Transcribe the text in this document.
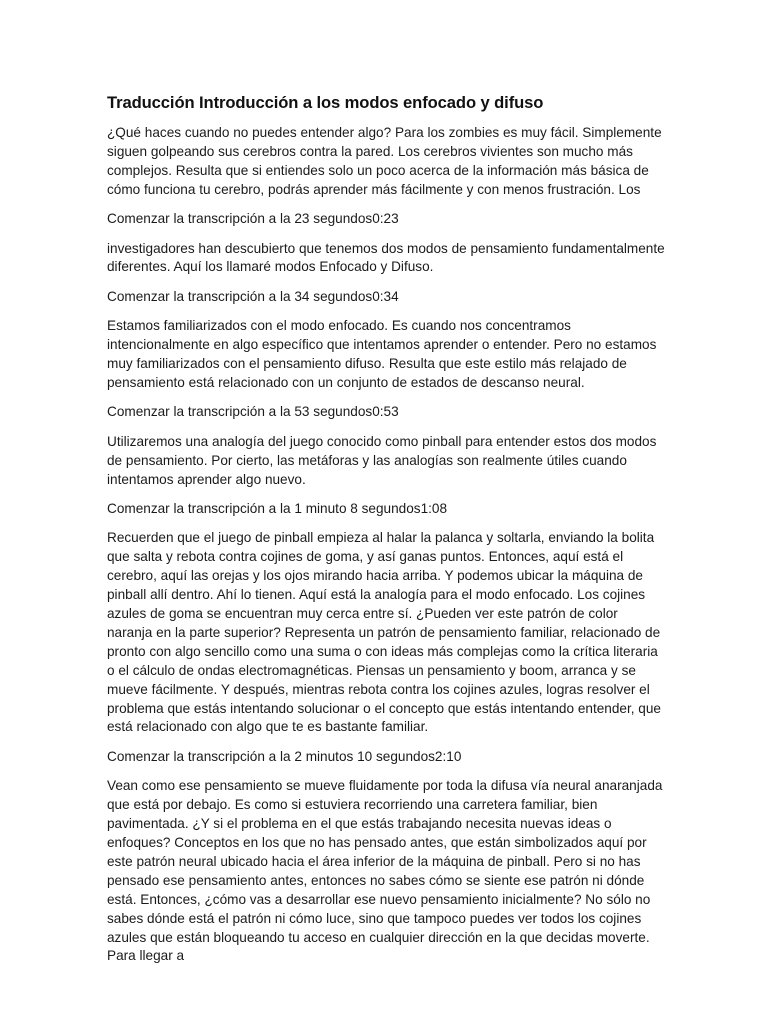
Traducción Introducción a los modos enfocado y difuso

¿Qué haces cuando no puedes entender algo? Para los zombies es muy fácil. Simplemente siguen golpeando sus cerebros contra la pared. Los cerebros vivientes son mucho más complejos. Resulta que si entiendes solo un poco acerca de la información más básica de cómo funciona tu cerebro, podrás aprender más fácilmente y con menos frustración. Los

Comenzar la transcripción a la 23 segundos0:23

investigadores han descubierto que tenemos dos modos de pensamiento fundamentalmente diferentes. Aquí los llamaré modos Enfocado y Difuso.

Comenzar la transcripción a la 34 segundos0:34

Estamos familiarizados con el modo enfocado. Es cuando nos concentramos intencionalmente en algo específico que intentamos aprender o entender. Pero no estamos muy familiarizados con el pensamiento difuso. Resulta que este estilo más relajado de pensamiento está relacionado con un conjunto de estados de descanso neural.

Comenzar la transcripción a la 53 segundos0:53

Utilizaremos una analogía del juego conocido como pinball para entender estos dos modos de pensamiento. Por cierto, las metáforas y las analogías son realmente útiles cuando intentamos aprender algo nuevo.

Comenzar la transcripción a la 1 minuto 8 segundos1:08

Recuerden que el juego de pinball empieza al halar la palanca y soltarla, enviando la bolita que salta y rebota contra cojines de goma, y así ganas puntos. Entonces, aquí está el cerebro, aquí las orejas y los ojos mirando hacia arriba. Y podemos ubicar la máquina de pinball allí dentro. Ahí lo tienen. Aquí está la analogía para el modo enfocado. Los cojines azules de goma se encuentran muy cerca entre sí. ¿Pueden ver este patrón de color naranja en la parte superior? Representa un patrón de pensamiento familiar, relacionado de pronto con algo sencillo como una suma o con ideas más complejas como la crítica literaria o el cálculo de ondas electromagnéticas. Piensas un pensamiento y boom, arranca y se mueve fácilmente. Y después, mientras rebota contra los cojines azules, logras resolver el problema que estás intentando solucionar o el concepto que estás intentando entender, que está relacionado con algo que te es bastante familiar.

Comenzar la transcripción a la 2 minutos 10 segundos2:10

Vean como ese pensamiento se mueve fluidamente por toda la difusa vía neural anaranjada que está por debajo. Es como si estuviera recorriendo una carretera familiar, bien pavimentada. ¿Y si el problema en el que estás trabajando necesita nuevas ideas o enfoques? Conceptos en los que no has pensado antes, que están simbolizados aquí por este patrón neural ubicado hacia el área inferior de la máquina de pinball. Pero si no has pensado ese pensamiento antes, entonces no sabes cómo se siente ese patrón ni dónde está. Entonces, ¿cómo vas a desarrollar ese nuevo pensamiento inicialmente? No sólo no sabes dónde está el patrón ni cómo luce, sino que tampoco puedes ver todos los cojines azules que están bloqueando tu acceso en cualquier dirección en la que decidas moverte. Para llegar a
